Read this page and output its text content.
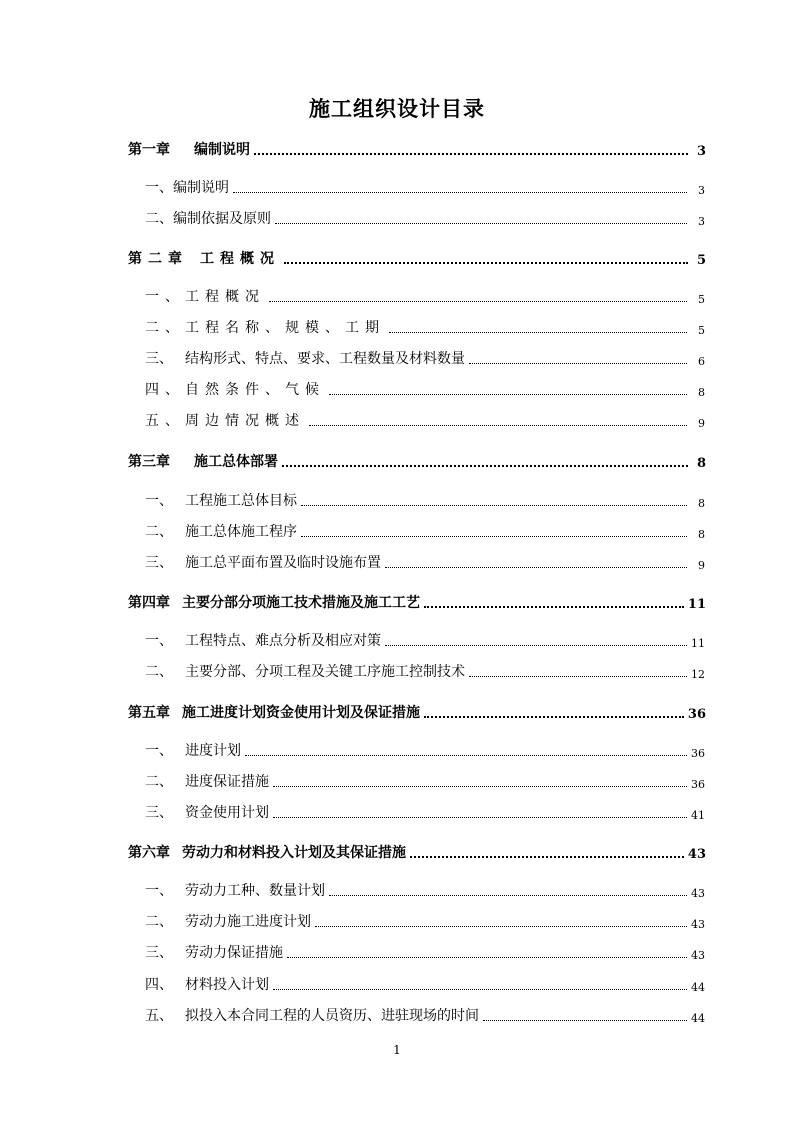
施工组织设计目录
第一章 编制说明	3
一、编制说明	3
二、编制依据及原则	3
第二章 工程概况	5
一、工程概况	5
二、工程名称、规模、工期	5
三、 结构形式、特点、要求、工程数量及材料数量	6
四、自然条件、气候	8
五、周边情况概述	9
第三章 施工总体部署	8
一、 工程施工总体目标	8
二、 施工总体施工程序	8
三、 施工总平面布置及临时设施布置	9
第四章 主要分部分项施工技术措施及施工工艺	11
一、 工程特点、难点分析及相应对策	11
二、 主要分部、分项工程及关键工序施工控制技术	12
第五章 施工进度计划资金使用计划及保证措施	36
一、 进度计划	36
二、 进度保证措施	36
三、 资金使用计划	41
第六章 劳动力和材料投入计划及其保证措施	43
一、 劳动力工种、数量计划	43
二、 劳动力施工进度计划	43
三、 劳动力保证措施	43
四、 材料投入计划	44
五、 拟投入本合同工程的人员资历、进驻现场的时间	44
1
